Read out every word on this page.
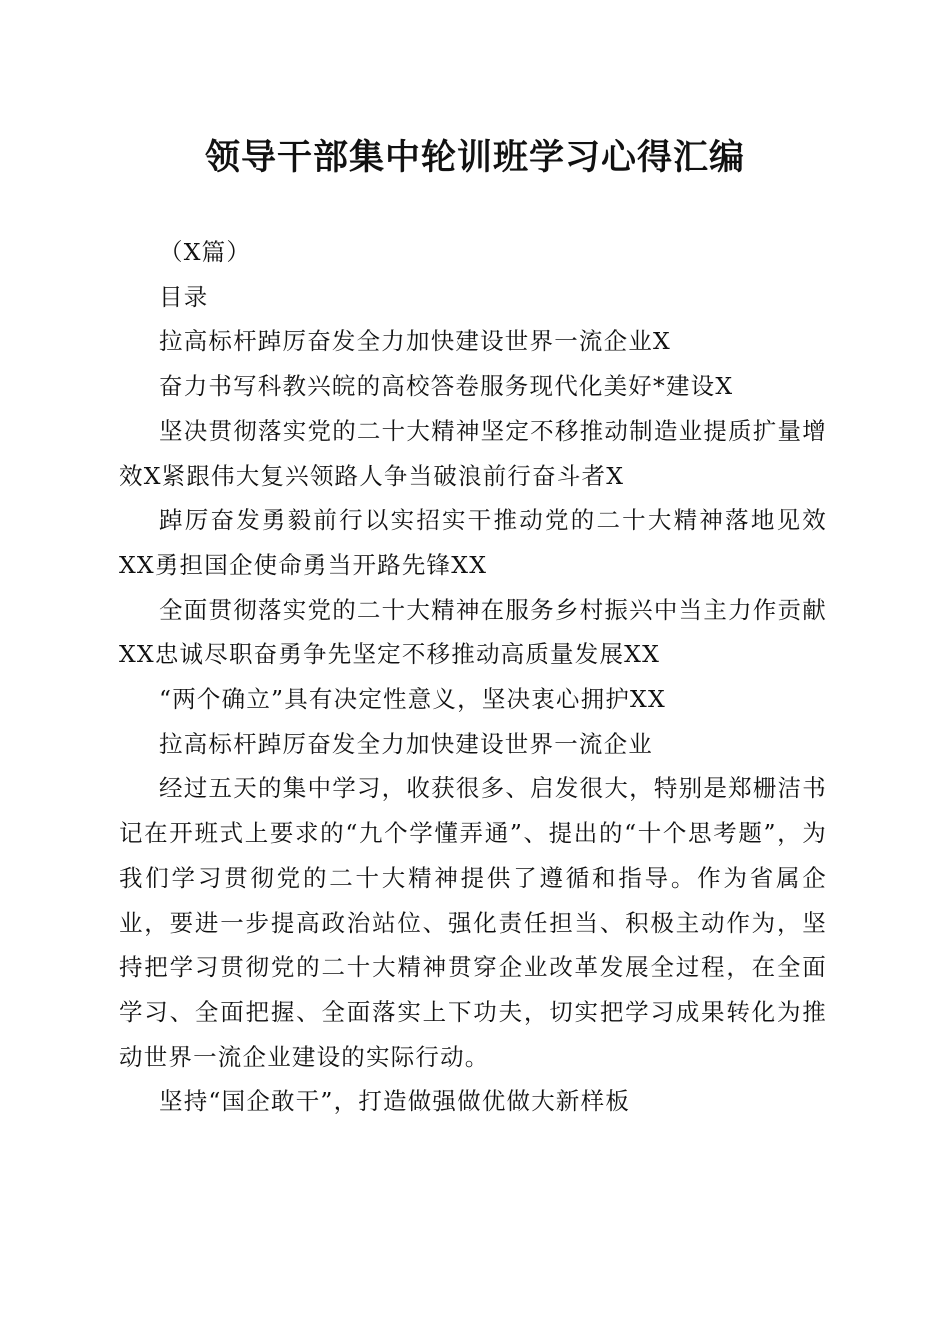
领导干部集中轮训班学习心得汇编

（X篇）

目录

拉高标杆踔厉奋发全力加快建设世界一流企业X

奋力书写科教兴皖的高校答卷服务现代化美好*建设X

坚决贯彻落实党的二十大精神坚定不移推动制造业提质扩量增效X紧跟伟大复兴领路人争当破浪前行奋斗者X

踔厉奋发勇毅前行以实招实干推动党的二十大精神落地见效XX勇担国企使命勇当开路先锋XX

全面贯彻落实党的二十大精神在服务乡村振兴中当主力作贡献XX忠诚尽职奋勇争先坚定不移推动高质量发展XX

“两个确立”具有决定性意义，坚决衷心拥护XX

拉高标杆踔厉奋发全力加快建设世界一流企业

经过五天的集中学习，收获很多、启发很大，特别是郑栅洁书记在开班式上要求的“九个学懂弄通”、提出的“十个思考题”，为我们学习贯彻党的二十大精神提供了遵循和指导。作为省属企业，要进一步提高政治站位、强化责任担当、积极主动作为，坚持把学习贯彻党的二十大精神贯穿企业改革发展全过程，在全面学习、全面把握、全面落实上下功夫，切实把学习成果转化为推动世界一流企业建设的实际行动。

坚持“国企敢干”，打造做强做优做大新样板
